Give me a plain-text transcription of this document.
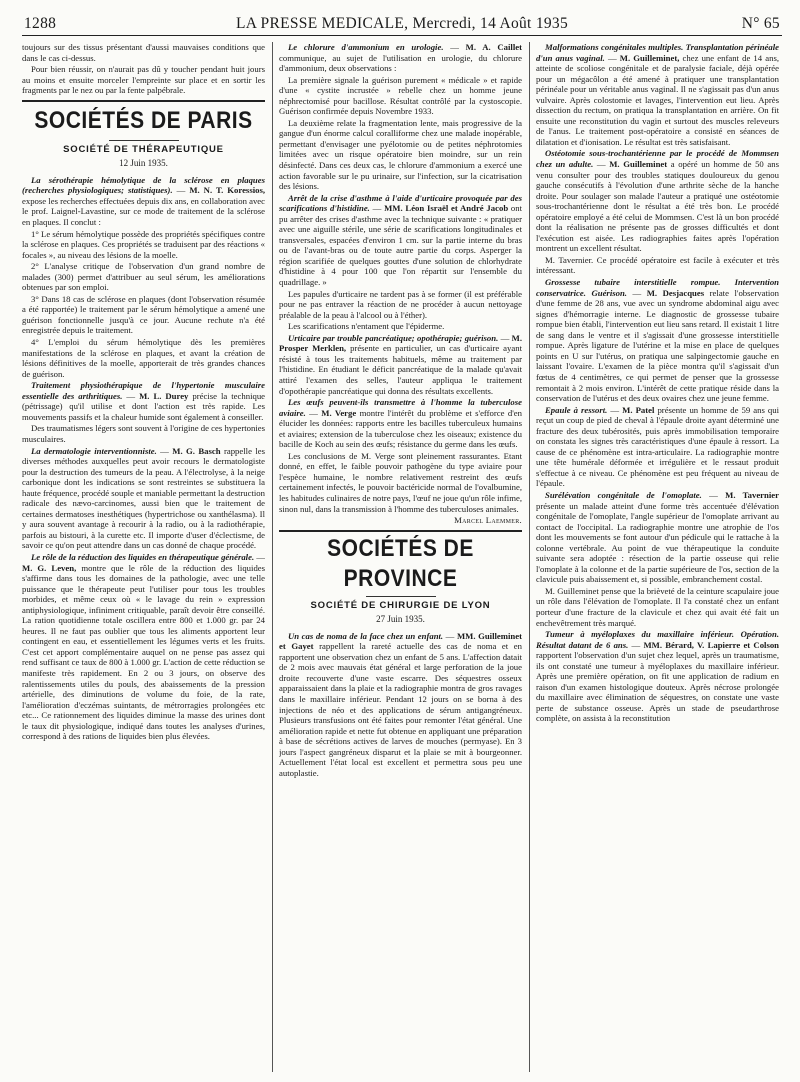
1288	LA PRESSE MEDICALE, Mercredi, 14 Août 1935	N° 65

toujours sur des tissus présentant d'aussi mauvaises conditions que dans le cas ci-dessus.

Pour bien réussir, on n'aurait pas dû y toucher pendant huit jours au moins et ensuite morceler l'empreinte sur place et en sortir les fragments par le nez ou par la fente palpébrale.

SOCIÉTÉS DE PARIS
SOCIÉTÉ DE THÉRAPEUTIQUE
12 Juin 1935.

La sérothérapie hémolytique de la sclérose en plaques (recherches physiologiques; statistiques). — M. N. T. Koressios, expose les recherches effectuées depuis dix ans, en collaboration avec le prof. Laignel-Lavastine, sur ce mode de traitement de la sclérose en plaques. Il conclut :

1° Le sérum hémolytique possède des propriétés spécifiques contre la sclérose en plaques. Ces propriétés se traduisent par des réactions « focales », au niveau des lésions de la moelle.

2° L'analyse critique de l'observation d'un grand nombre de malades (300) permet d'attribuer au seul sérum, les améliorations obtenues par son emploi.

3° Dans 18 cas de sclérose en plaques (dont l'observation résumée a été rapportée) le traitement par le sérum hémolytique a amené une guérison fonctionnelle jusqu'à ce jour. Aucune rechute n'a été enregistrée depuis le traitement.

4° L'emploi du sérum hémolytique dès les premières manifestations de la sclérose en plaques, et avant la création de lésions définitives de la moelle, apporterait de très grandes chances de guérison.

Traitement physiothérapique de l'hypertonie musculaire essentielle des arthritiques. — M. L. Durey précise la technique (pétrissage) qu'il utilise et dont l'action est très rapide. Les mouvements passifs et la chaleur humide sont également à conseiller.

Des traumatismes légers sont souvent à l'origine de ces hypertonies musculaires.

La dermatologie interventionniste. — M. G. Basch rappelle les diverses méthodes auxquelles peut avoir recours le dermatologiste pour la destruction des tumeurs de la peau. A l'électrolyse, à la neige carbonique dont les indications se sont restreintes se substituera la haute fréquence, procédé souple et maniable permettant la destruction radicale des nævo-carcinomes, aussi bien que le traitement de certaines dermatoses inesthétiques (hypertrichose ou xanthélasma). Il y aura souvent avantage à recourir à la radio, ou à la radiothérapie, parfois au bistouri, à la curette etc. Il importe d'user d'éclectisme, de savoir ce qu'on peut attendre dans un cas donné de chaque procédé.

Le rôle de la réduction des liquides en thérapeutique générale. — M. G. Leven, montre que le rôle de la réduction des liquides s'affirme dans tous les domaines de la pathologie, avec une telle puissance que le thérapeute peut l'utiliser pour tous les troubles morbides, et même ceux où « le lavage du rein » expression antiphysiologique, infiniment critiquable, paraît devoir être conseillé. La ration quotidienne totale oscillera entre 800 et 1.000 gr. par 24 heures. Il ne faut pas oublier que tous les aliments apportent leur contingent en eau, et essentiellement les légumes verts et les fruits. C'est cet apport complémentaire auquel on ne pense pas assez qui rend suffisant ce taux de 800 à 1.000 gr. L'action de cette réduction se manifeste très rapidement. En 2 ou 3 jours, on observe des ralentissements utiles du pouls, des abaissements de la pression artérielle, des diminutions de volume du foie, de la rate, l'amélioration d'eczémas suintants, de métrorragies prolongées etc etc... Ce rationnement des liquides diminue la masse des urines dont le taux dit physiologique, indiqué dans toutes les analyses d'urines, correspond à des rations de liquides bien plus élevées.

Le chlorure d'ammonium en urologie. — M. A. Caillet communique, au sujet de l'utilisation en urologie, du chlorure d'ammonium, deux observations :

La première signale la guérison purement « médicale » et rapide d'une « cystite incrustée » rebelle chez un homme jeune néphrectomisé pour bacillose. Résultat contrôlé par la cystoscopie. Guérison confirmée depuis Novembre 1933.

La deuxième relate la fragmentation lente, mais progressive de la gangue d'un énorme calcul coralliforme chez une malade inopérable, permettant d'envisager une pyélotomie ou de petites néphrotomies limitées avec un risque opératoire bien moindre, sur un rein désinfecté. Dans ces deux cas, le chlorure d'ammonium a exercé une action favorable sur le pu urinaire, sur l'infection, sur la cicatrisation des lésions.

Arrêt de la crise d'asthme à l'aide d'urticaire provoquée par des scarifications d'histidine. — MM. Léon Israël et André Jacob ont pu arrêter des crises d'asthme avec la technique suivante : « pratiquer avec une aiguille stérile, une série de scarifications longitudinales et transversales, espacées d'environ 1 cm. sur la partie interne du bras ou de l'avant-bras ou de toute autre partie du corps. Asperger la région scarifiée de quelques gouttes d'une solution de chlorhydrate d'histidine à 4 pour 100 que l'on répartit sur l'ensemble du quadrillage. »

Les papules d'urticaire ne tardent pas à se former (il est préférable pour ne pas entraver la réaction de ne procéder à aucun nettoyage préalable de la peau à l'alcool ou à l'éther).

Les scarifications n'entament que l'épiderme.

Urticaire par trouble pancréatique; opothérapie; guérison. — M. Prosper Merklen, présente en particulier, un cas d'urticaire ayant résisté à tous les traitements habituels, même au traitement par l'histidine. En étudiant le déficit pancréatique de la malade qu'avait attiré l'examen des selles, l'auteur appliqua le traitement d'opothérapie pancréatique qui donna des résultats excellents.

Les œufs peuvent-ils transmettre à l'homme la tuberculose aviaire. — M. Verge montre l'intérêt du problème et s'efforce d'en élucider les données: rapports entre les bacilles tuberculeux humains et aviaires; extension de la tuberculose chez les oiseaux; existence du bacille de Koch au sein des œufs; résistance du germe dans les œufs.

Les conclusions de M. Verge sont pleinement rassurantes. Etant donné, en effet, le faible pouvoir pathogène du type aviaire pour l'espèce humaine, le nombre relativement restreint des œufs certainement infectés, le pouvoir bactéricide normal de l'ovalbumine, les habitudes culinaires de notre pays, l'œuf ne joue qu'un rôle infime, sinon nul, dans la transmission à l'homme des tuberculoses animales.

Marcel Laemmer.

SOCIÉTÉS DE PROVINCE
SOCIÉTÉ DE CHIRURGIE DE LYON
27 Juin 1935.

Un cas de noma de la face chez un enfant. — MM. Guilleminet et Gayet rappellent la rareté actuelle des cas de noma et en rapportent une observation chez un enfant de 5 ans. L'affection datait de 2 mois avec mauvais état général et large perforation de la joue droite recouverte d'une vaste escarre. Des séquestres osseux apparaissaient dans la plaie et la radiographie montra de gros ravages dans le maxillaire inférieur. Pendant 12 jours on se borna à des injections de néo et des applications de sérum antigangréneux. Plusieurs transfusions ont été faites pour remonter l'état général. Une amélioration rapide et nette fut obtenue en appliquant une préparation à base de sécrétions actives de larves de mouches (permyase). En 3 jours l'aspect gangréneux disparut et la plaie se mit à bourgeonner. Actuellement l'état local est excellent et permettra sous peu une autoplastie.

Malformations congénitales multiples. Transplantation périnéale d'un anus vaginal. — M. Guilleminet, chez une enfant de 14 ans, atteinte de scoliose congénitale et de paralysie faciale, déjà opérée pour un mégacôlon a été amené à pratiquer une transplantation périnéale pour un véritable anus vaginal. Il ne s'agissait pas d'un anus vulvaire. Après colostomie et lavages, l'intervention eut lieu. Après dissection du rectum, on pratiqua la transplantation en arrière. On fit ensuite une reconstitution du vagin et surtout des muscles releveurs de l'anus. Le traitement post-opératoire a consisté en séances de dilatation et d'ionisation. Le résultat est très satisfaisant.

Ostéotomie sous-trochantérienne par le procédé de Mommsen chez un adulte. — M. Guilleminet a opéré un homme de 50 ans venu consulter pour des troubles statiques douloureux du genou gauche consécutifs à l'évolution d'une arthrite sèche de la hanche droite. Pour soulager son malade l'auteur a pratiqué une ostéotomie sous-trochantérienne dont le résultat a été très bon. Le procédé opératoire employé a été celui de Mommsen. C'est là un bon procédé dont la réalisation ne présente pas de grosses difficultés et dont l'exécution est aisée. Les radiographies faites après l'opération montrent un excellent résultat.

M. Tavernier. Ce procédé opératoire est facile à exécuter et très intéressant.

Grossesse tubaire interstitielle rompue. Intervention conservatrice. Guérison. — M. Desjacques relate l'observation d'une femme de 28 ans, vue avec un syndrome abdominal aigu avec signes d'hémorragie interne. Le diagnostic de grossesse tubaire rompue bien établi, l'intervention eut lieu sans retard. Il existait 1 litre de sang dans le ventre et il s'agissait d'une grossesse interstitielle rompue. Après ligature de l'utérine et la mise en place de quelques points en U sur l'utérus, on pratiqua une salpingectomie gauche en laissant l'ovaire. L'examen de la pièce montra qu'il s'agissait d'un fœtus de 4 centimètres, ce qui permet de penser que la grossesse remontait à 2 mois environ. L'intérêt de cette pratique réside dans la conservation de l'utérus et des deux ovaires chez une jeune femme.

Epaule à ressort. — M. Patel présente un homme de 59 ans qui reçut un coup de pied de cheval à l'épaule droite ayant déterminé une fracture des deux tubérosités, puis après immobilisation temporaire on constata les signes très caractéristiques d'une épaule à ressort. La cause de ce phénomène est intra-articulaire. La radiographie montre une tête humérale déformée et irrégulière et le ressaut produit s'effectue à ce niveau. Ce phénomène est peu fréquent au niveau de l'épaule.

Surélévation congénitale de l'omoplate. — M. Tavernier présente un malade atteint d'une forme très accentuée d'élévation congénitale de l'omoplate, l'angle supérieur de l'omoplate arrivant au contact de l'occipital. La radiographie montre une atrophie de l'os dont les mouvements se font autour d'un pédicule qui le rattache à la colonne vertébrale. Au point de vue thérapeutique la conduite suivante sera adoptée : résection de la partie osseuse qui relie l'omoplate à la colonne et de la partie supérieure de l'os, section de la clavicule puis abaissement et, si possible, embranchement costal.

M. Guilleminet pense que la brièveté de la ceinture scapulaire joue un rôle dans l'élévation de l'omoplate. Il l'a constaté chez un enfant porteur d'une fracture de la clavicule et chez qui avait été fait un enchevêtrement très marqué.

Tumeur à myéloplaxes du maxillaire inférieur. Opération. Résultat datant de 6 ans. — MM. Bérard, V. Lapierre et Colson rapportent l'observation d'un sujet chez lequel, après un traumatisme, ils ont constaté une tumeur à myéloplaxes du maxillaire inférieur. Après une première opération, on fit une application de radium en raison d'un examen histologique douteux. Après nécrose prolongée du maxillaire avec élimination de séquestres, on constate une vaste perte de substance osseuse. Après un stade de pseudarthrose complète, on assista à la reconstitution
